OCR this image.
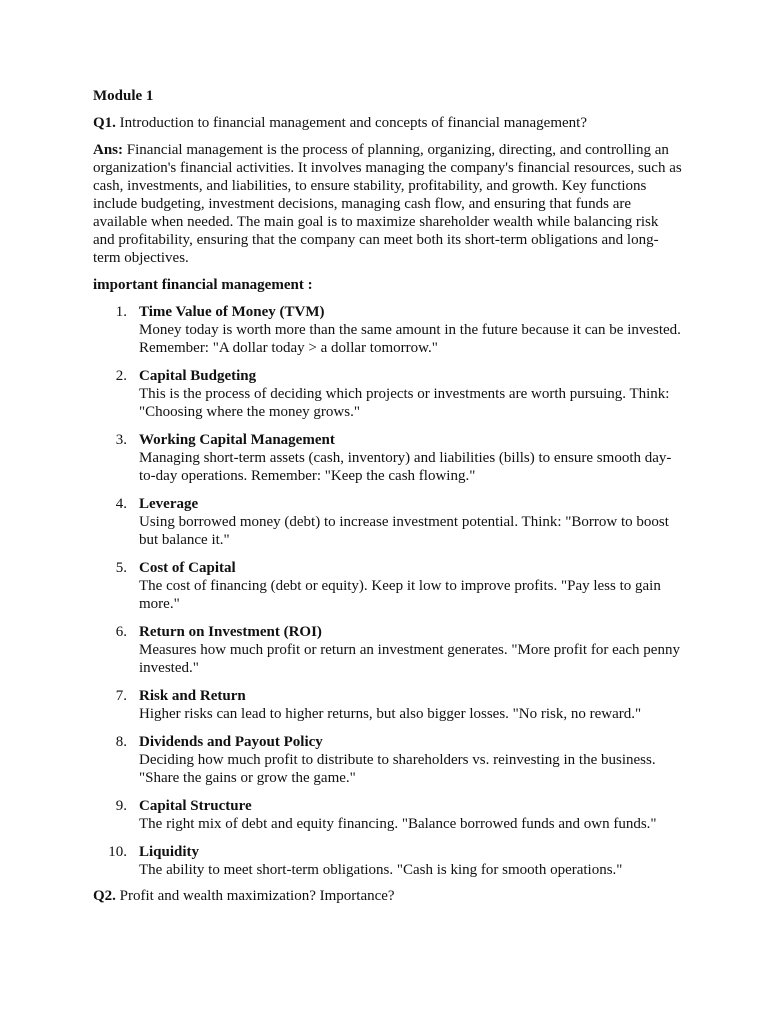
Module 1
Q1. Introduction to financial management and concepts of financial management?
Ans: Financial management is the process of planning, organizing, directing, and controlling an organization's financial activities. It involves managing the company's financial resources, such as cash, investments, and liabilities, to ensure stability, profitability, and growth. Key functions include budgeting, investment decisions, managing cash flow, and ensuring that funds are available when needed. The main goal is to maximize shareholder wealth while balancing risk and profitability, ensuring that the company can meet both its short-term obligations and long-term objectives.
important financial management :
1. Time Value of Money (TVM)
Money today is worth more than the same amount in the future because it can be invested. Remember: "A dollar today > a dollar tomorrow."
2. Capital Budgeting
This is the process of deciding which projects or investments are worth pursuing. Think: "Choosing where the money grows."
3. Working Capital Management
Managing short-term assets (cash, inventory) and liabilities (bills) to ensure smooth day-to-day operations. Remember: "Keep the cash flowing."
4. Leverage
Using borrowed money (debt) to increase investment potential. Think: "Borrow to boost but balance it."
5. Cost of Capital
The cost of financing (debt or equity). Keep it low to improve profits. "Pay less to gain more."
6. Return on Investment (ROI)
Measures how much profit or return an investment generates. "More profit for each penny invested."
7. Risk and Return
Higher risks can lead to higher returns, but also bigger losses. "No risk, no reward."
8. Dividends and Payout Policy
Deciding how much profit to distribute to shareholders vs. reinvesting in the business. "Share the gains or grow the game."
9. Capital Structure
The right mix of debt and equity financing. "Balance borrowed funds and own funds."
10. Liquidity
The ability to meet short-term obligations. "Cash is king for smooth operations."
Q2. Profit and wealth maximization? Importance?
